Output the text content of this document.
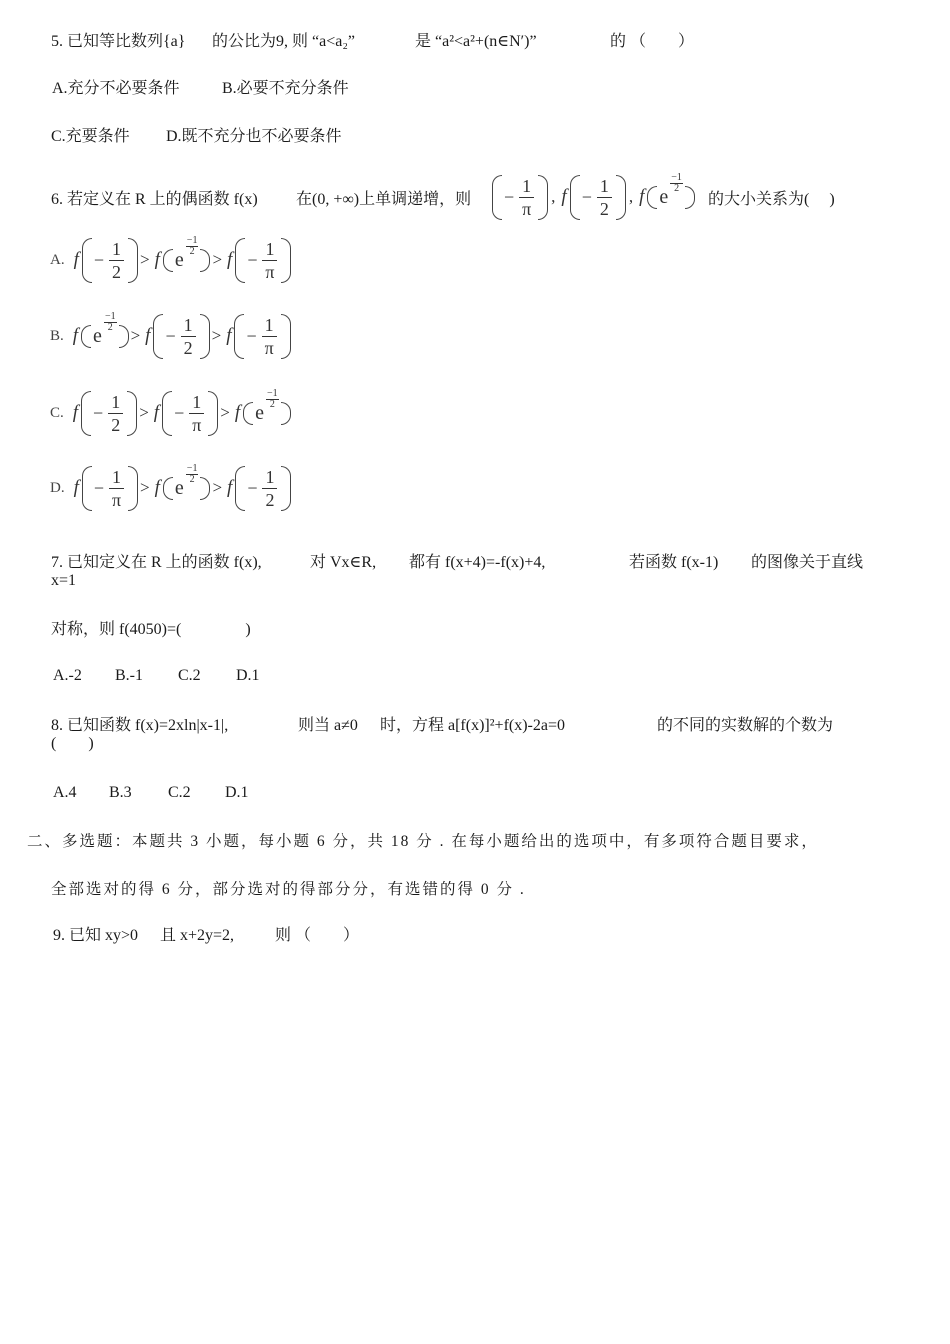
5. 已知等比数列{a} 的公比为9, 则 “a<a₂”	是 “a²<a²+(n∈N′)”	的 （　　）
A.充分不必要条件	B.必要不充分条件
C.充要条件 D.既不充分也不必要条件
6. 若定义在 R 上的偶函数 f(x) 在(0, +∞)上单调递增，则 − $\frac{1}{\pi}$ , $f - \frac{1}{2}$ , f e
−1
2
的大小关系为(　 )
A. $f - \frac{1}{2} > f$ e
−1
$2 > f - \frac{1}{\pi}$
B. f e
−1
$2 > f - \frac{1}{2} > f - \frac{1}{\pi}$
C. $f - \frac{1}{2} > f - \frac{1}{\pi} > f$ e
−1
2
D. $f - \frac{1}{\pi} > f$ e
−1
$2 > f - \frac{1}{2}$
7. 已知定义在 R 上的函数 f(x),	对 Vx∈R, 都有 f(x+4)=-f(x)+4,	若函数 f(x-1) 的图像关于直线
x=1
对称，则 f(4050)=(　　　　)
A.-2 B.-1 C.2 D.1
8. 已知函数 f(x)=2xln|x-1|,	则当 a≠0 时，方程 a[f(x)]²+f(x)-2a=0	的不同的实数解的个数为
(　　)
A.4 B.3 C.2 D.1
二、多选题：本题共 3 小题，每小题 6 分，共 18 分 . 在每小题给出的选项中，有多项符合题目要求，
全部选对的得 6 分，部分选对的得部分分，有选错的得 0 分 .
9. 已知 xy>0 且 x+2y=2,	则 （　　）
